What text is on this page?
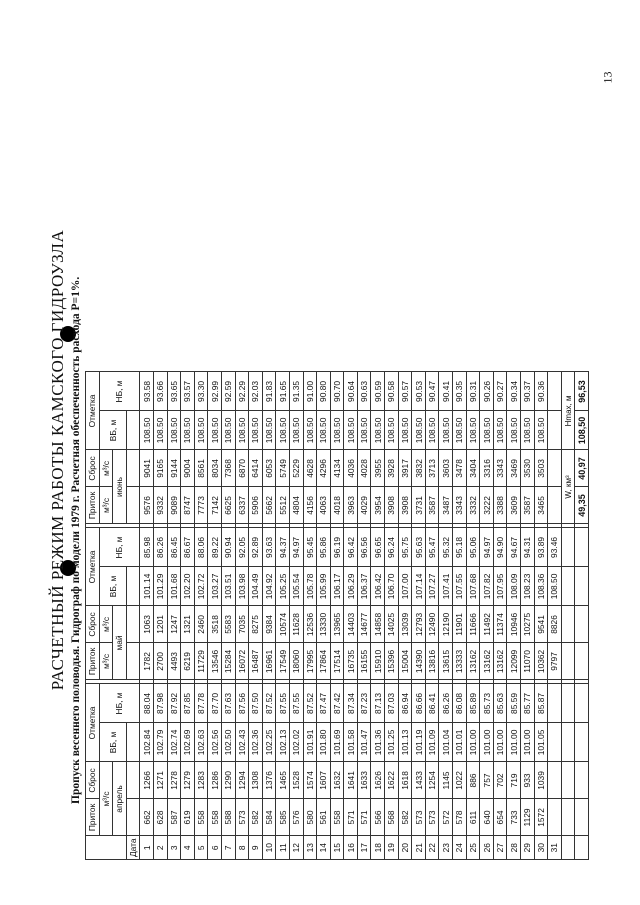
13
РАСЧЕТНЫЙ РЕЖИМ РАБОТЫ КАМСКОГО ГИДРОУЗЛА Пропуск весеннего половодья. Гидрограф по модели 1979 г. Расчетная обеспеченность расхода Р=1%.
	Приток	Сброс	Отметка			Приток	Сброс	Отметка			Приток	Сброс	Отметка	
	м³/с		ВБ, м	НБ, м		м³/с	м³/с	ВБ, м	НБ, м		м³/с	м³/с	ВБ, м	НБ, м
	апрель					май					июнь			
Дата														
1	662	1266	102.84	88.04		1782	1063	101.14	85.98		9576	9041	108.50	93.58
2	628	1271	102.79	87.98		2700	1201	101.29	86.26		9332	9165	108.50	93.66
3	587	1278	102.74	87.92		4493	1247	101.68	86.45		9089	9144	108.50	93.65
4	619	1279	102.69	87.85		6219	1321	102.20	86.67		8747	9004	108.50	93.57
5	558	1283	102.63	87.78		11729	2460	102.72	88.06		7773	8561	108.50	93.30
6	558	1286	102.56	87.70		13546	3518	103.27	89.22		7142	8034	108.50	92.99
7	588	1290	102.50	87.63		15284	5583	103.51	90.94		6625	7368	108.50	92.59
8	573	1294	102.43	87.56		16072	7035	103.98	92.05		6337	6870	108.50	92.29
9	582	1308	102.36	87.50		16487	8275	104.49	92.89		5906	6414	108.50	92.03
10	584	1376	102.25	87.52		16961	9384	104.92	93.63		5662	6053	108.50	91.83
11	585	1465	102.13	87.55		17549	10574	105.25	94.37		5512	5749	108.50	91.65
12	576	1528	102.02	87.55		18060	11628	105.54	94.97		4804	5229	108.50	91.35
13	580	1574	101.91	87.52		17995	12536	105.78	95.45		4156	4628	108.50	91.00
14	561	1607	101.80	87.47		17864	13330	105.99	95.86		4063	4296	108.50	90.80
15	558	1632	101.69	87.42		17514	13965	106.17	96.19		4018	4134	108.50	90.70
16	571	1641	101.58	87.34		16735	14403	106.29	96.42		3963	4036	108.50	90.64
17	571	1633	101.47	87.23		16155	14677	106.37	96.56		4029	4028	108.50	90.63
18	566	1626	101.36	87.13		15910	14858	106.42	96.65		3954	3955	108.50	90.59
19	568	1622	101.25	87.03		15396	14025	106.70	96.24		3908	3928	108.50	90.58
20	582	1618	101.13	86.94		15004	13039	107.00	95.75		3908	3917	108.50	90.57
21	573	1433	101.19	86.66		14390	12793	107.14	95.63		3731	3832	108.50	90.53
22	573	1254	101.09	86.41		13816	12490	107.27	95.47		3587	3713	108.50	90.47
23	572	1145	101.04	86.26		13615	12190	107.41	95.32		3487	3603	108.50	90.41
24	578	1022	101.01	86.08		13333	11901	107.55	95.18		3343	3478	108.50	90.35
25	611	886	101.00	85.89		13162	11666	107.68	95.06		3332	3404	108.50	90.31
26	640	757	101.00	85.73		13162	11492	107.82	94.97		3222	3316	108.50	90.26
27	654	702	101.00	85.63		13162	11374	107.95	94.90		3388	3343	108.50	90.27
28	733	719	101.00	85.59		12099	10946	108.09	94.67		3609	3469	108.50	90.34
29	1129	933	101.00	85.77		11070	10275	108.23	94.31		3587	3530	108.50	90.37
30	1572	1039	101.05	85.87		10362	9541	108.36	93.89		3465	3503	108.50	90.36
31						9797	8826	108.50	93.46					
											W, км³		Hmax, м	
											49,35	40,97	108,50	96,53
